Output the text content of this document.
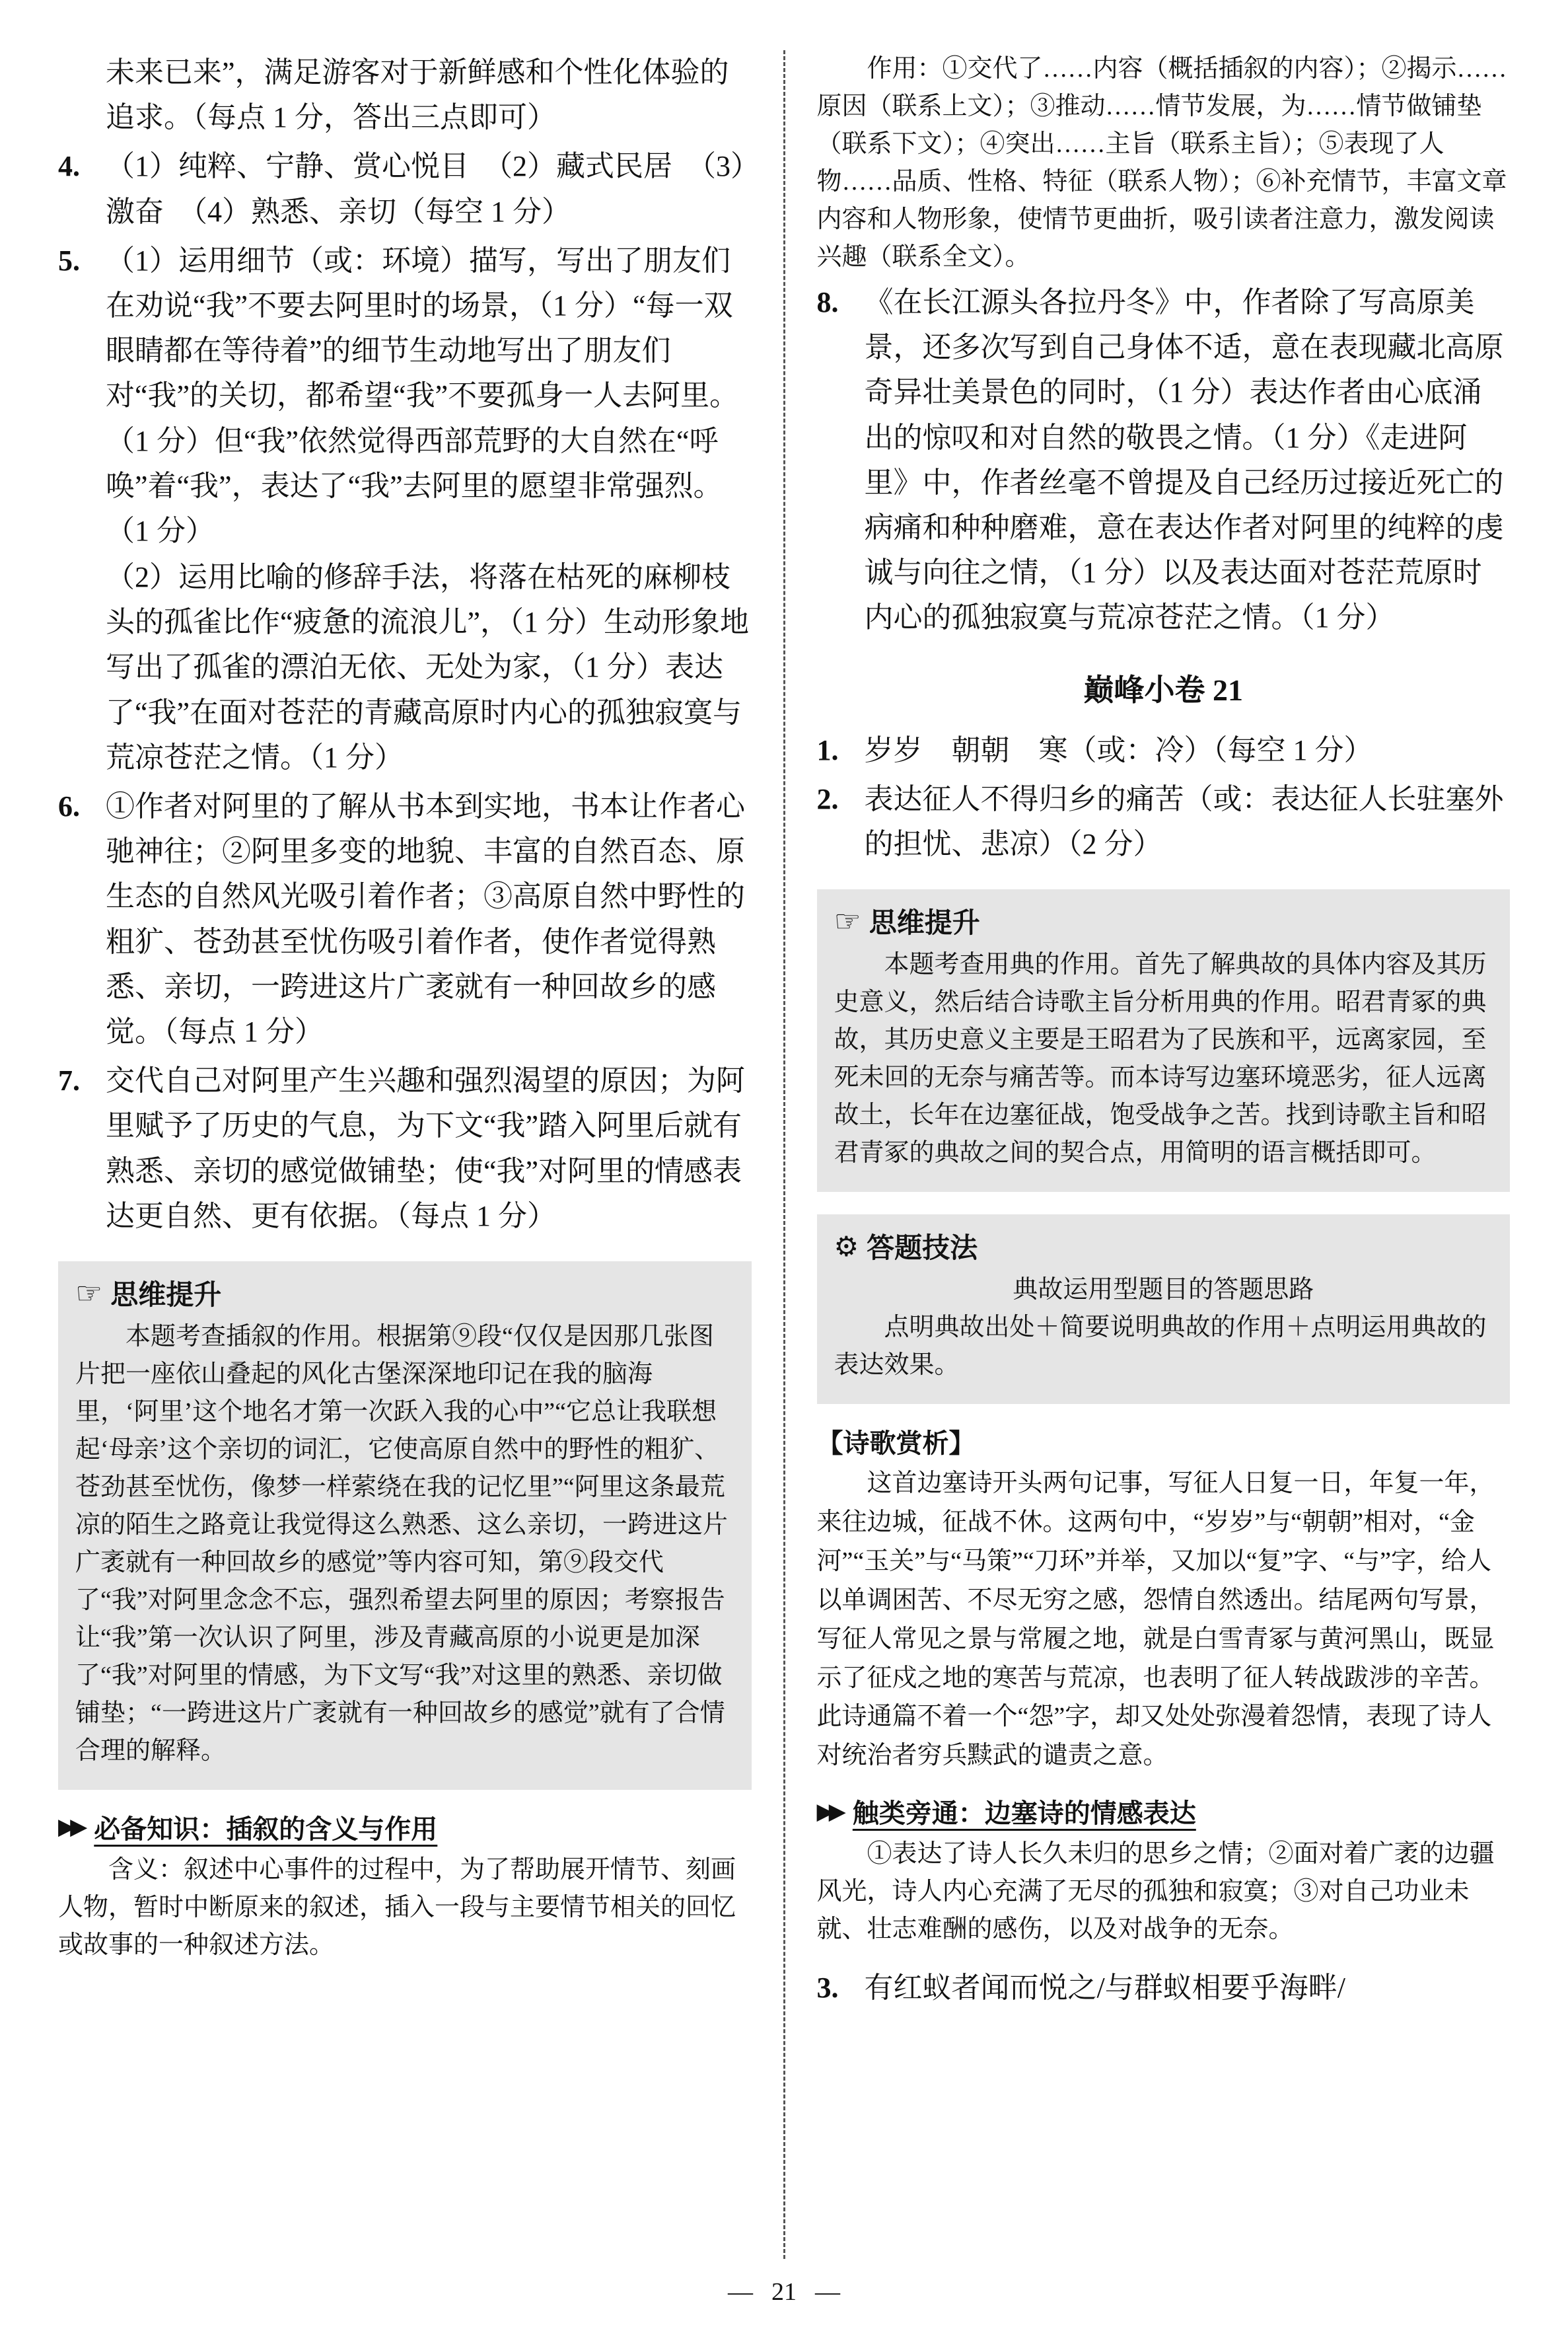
未来已来”，满足游客对于新鲜感和个性化体验的追求。（每点 1 分，答出三点即可）

4. （1）纯粹、宁静、赏心悦目　（2）藏式民居　（3）激奋　（4）熟悉、亲切（每空 1 分）

5. （1）运用细节（或：环境）描写，写出了朋友们在劝说“我”不要去阿里时的场景，（1 分）“每一双眼睛都在等待着”的细节生动地写出了朋友们对“我”的关切，都希望“我”不要孤身一人去阿里。（1 分）但“我”依然觉得西部荒野的大自然在“呼唤”着“我”，表达了“我”去阿里的愿望非常强烈。（1 分）

（2）运用比喻的修辞手法，将落在枯死的麻柳枝头的孤雀比作“疲惫的流浪儿”，（1 分）生动形象地写出了孤雀的漂泊无依、无处为家，（1 分）表达了“我”在面对苍茫的青藏高原时内心的孤独寂寞与荒凉苍茫之情。（1 分）

6. ①作者对阿里的了解从书本到实地，书本让作者心驰神往；②阿里多变的地貌、丰富的自然百态、原生态的自然风光吸引着作者；③高原自然中野性的粗犷、苍劲甚至忧伤吸引着作者，使作者觉得熟悉、亲切，一跨进这片广袤就有一种回故乡的感觉。（每点 1 分）

7. 交代自己对阿里产生兴趣和强烈渴望的原因；为阿里赋予了历史的气息，为下文“我”踏入阿里后就有熟悉、亲切的感觉做铺垫；使“我”对阿里的情感表达更自然、更有依据。（每点 1 分）

☞ 思维提升

本题考查插叙的作用。根据第⑨段“仅仅是因那几张图片把一座依山叠起的风化古堡深深地印记在我的脑海里，‘阿里’这个地名才第一次跃入我的心中”“它总让我联想起‘母亲’这个亲切的词汇，它使高原自然中的野性的粗犷、苍劲甚至忧伤，像梦一样萦绕在我的记忆里”“阿里这条最荒凉的陌生之路竟让我觉得这么熟悉、这么亲切，一跨进这片广袤就有一种回故乡的感觉”等内容可知，第⑨段交代了“我”对阿里念念不忘，强烈希望去阿里的原因；考察报告让“我”第一次认识了阿里，涉及青藏高原的小说更是加深了“我”对阿里的情感，为下文写“我”对这里的熟悉、亲切做铺垫；“一跨进这片广袤就有一种回故乡的感觉”就有了合情合理的解释。

▶▶ 必备知识：插叙的含义与作用

含义：叙述中心事件的过程中，为了帮助展开情节、刻画人物，暂时中断原来的叙述，插入一段与主要情节相关的回忆或故事的一种叙述方法。

作用：①交代了……内容（概括插叙的内容）；②揭示……原因（联系上文）；③推动……情节发展，为……情节做铺垫（联系下文）；④突出……主旨（联系主旨）；⑤表现了人物……品质、性格、特征（联系人物）；⑥补充情节，丰富文章内容和人物形象，使情节更曲折，吸引读者注意力，激发阅读兴趣（联系全文）。

8. 《在长江源头各拉丹冬》中，作者除了写高原美景，还多次写到自己身体不适，意在表现藏北高原奇异壮美景色的同时，（1 分）表达作者由心底涌出的惊叹和对自然的敬畏之情。（1 分）《走进阿里》中，作者丝毫不曾提及自己经历过接近死亡的病痛和种种磨难，意在表达作者对阿里的纯粹的虔诚与向往之情，（1 分）以及表达面对苍茫荒原时内心的孤独寂寞与荒凉苍茫之情。（1 分）

巅峰小卷 21
1. 岁岁　朝朝　寒（或：冷）（每空 1 分）

2. 表达征人不得归乡的痛苦（或：表达征人长驻塞外的担忧、悲凉）（2 分）

☞ 思维提升

本题考查用典的作用。首先了解典故的具体内容及其历史意义，然后结合诗歌主旨分析用典的作用。昭君青冢的典故，其历史意义主要是王昭君为了民族和平，远离家园，至死未回的无奈与痛苦等。而本诗写边塞环境恶劣，征人远离故土，长年在边塞征战，饱受战争之苦。找到诗歌主旨和昭君青冢的典故之间的契合点，用简明的语言概括即可。

⚙ 答题技法

典故运用型题目的答题思路

点明典故出处＋简要说明典故的作用＋点明运用典故的表达效果。

【诗歌赏析】

这首边塞诗开头两句记事，写征人日复一日，年复一年，来往边城，征战不休。这两句中，“岁岁”与“朝朝”相对，“金河”“玉关”与“马策”“刀环”并举，又加以“复”字、“与”字，给人以单调困苦、不尽无穷之感，怨情自然透出。结尾两句写景，写征人常见之景与常履之地，就是白雪青冢与黄河黑山，既显示了征戍之地的寒苦与荒凉，也表明了征人转战跋涉的辛苦。此诗通篇不着一个“怨”字，却又处处弥漫着怨情，表现了诗人对统治者穷兵黩武的谴责之意。

▶▶ 触类旁通：边塞诗的情感表达

①表达了诗人长久未归的思乡之情；②面对着广袤的边疆风光，诗人内心充满了无尽的孤独和寂寞；③对自己功业未就、壮志难酬的感伤，以及对战争的无奈。

3. 有红蚁者闻而悦之/与群蚁相要乎海畔/

— 21 —
